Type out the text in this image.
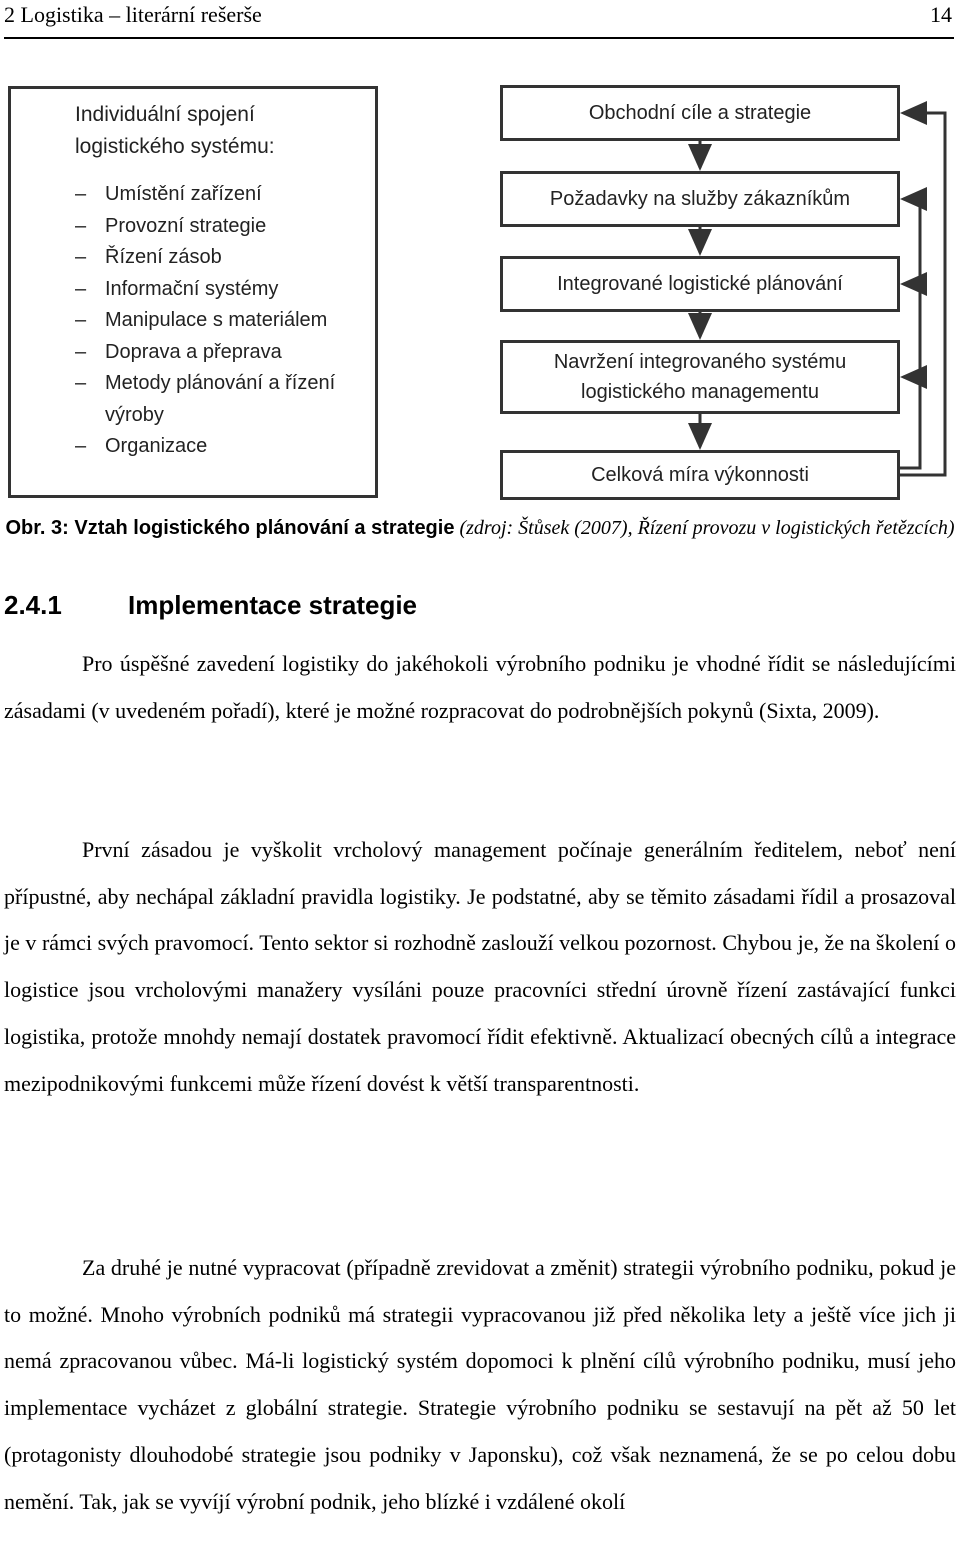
2 Logistika – literární rešerše	14
Individuální spojení logistického systému:
– Umístění zařízení
– Provozní strategie
– Řízení zásob
– Informační systémy
– Manipulace s materiálem
– Doprava a přeprava
– Metody plánování a řízení výroby
– Organizace
Obchodní cíle a strategie
Požadavky na služby zákazníkům
Integrované logistické plánování
Navržení integrovaného systému logistického managementu
Celková míra výkonnosti
Obr. 3: Vztah logistického plánování a strategie (zdroj: Štůsek (2007), Řízení provozu v logistických řetězcích)
2.4.1	Implementace strategie

Pro úspěšné zavedení logistiky do jakéhokoli výrobního podniku je vhodné řídit se následujícími zásadami (v uvedeném pořadí), které je možné rozpracovat do podrobnějších pokynů (Sixta, 2009).

První zásadou je vyškolit vrcholový management počínaje generálním ředitelem, neboť není přípustné, aby nechápal základní pravidla logistiky. Je podstatné, aby se těmito zásadami řídil a prosazoval je v rámci svých pravomocí. Tento sektor si rozhodně zaslouží velkou pozornost. Chybou je, že na školení o logistice jsou vrcholovými manažery vysíláni pouze pracovníci střední úrovně řízení zastávající funkci logistika, protože mnohdy nemají dostatek pravomocí řídit efektivně. Aktualizací obecných cílů a integrace mezipodnikovými funkcemi může řízení dovést k větší transparentnosti.

Za druhé je nutné vypracovat (případně zrevidovat a změnit) strategii výrobního podniku, pokud je to možné. Mnoho výrobních podniků má strategii vypracovanou již před několika lety a ještě více jich ji nemá zpracovanou vůbec. Má-li logistický systém dopomoci k plnění cílů výrobního podniku, musí jeho implementace vycházet z globální strategie. Strategie výrobního podniku se sestavují na pět až 50 let (protagonisty dlouhodobé strategie jsou podniky v Japonsku), což však neznamená, že se po celou dobu nemění. Tak, jak se vyvíjí výrobní podnik, jeho blízké i vzdálené okolí
